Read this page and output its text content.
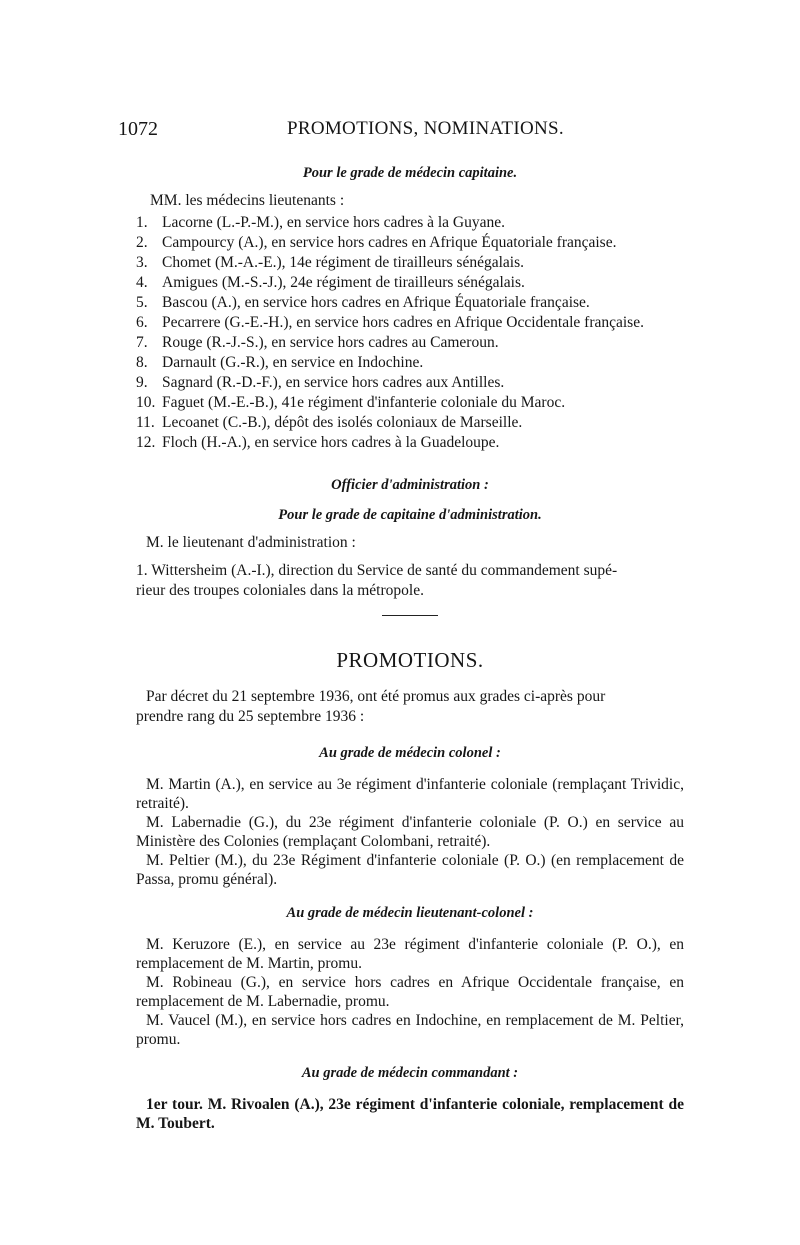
1072	PROMOTIONS, NOMINATIONS.

Pour le grade de médecin capitaine.

MM. les médecins lieutenants :

1. Lacorne (L.-P.-M.), en service hors cadres à la Guyane.
2. Campourcy (A.), en service hors cadres en Afrique Équatoriale française.
3. Chomet (M.-A.-E.), 14e régiment de tirailleurs sénégalais.
4. Amigues (M.-S.-J.), 24e régiment de tirailleurs sénégalais.
5. Bascou (A.), en service hors cadres en Afrique Équatoriale française.
6. Pecarrere (G.-E.-H.), en service hors cadres en Afrique Occidentale française.
7. Rouge (R.-J.-S.), en service hors cadres au Cameroun.
8. Darnault (G.-R.), en service en Indochine.
9. Sagnard (R.-D.-F.), en service hors cadres aux Antilles.
10. Faguet (M.-E.-B.), 41e régiment d'infanterie coloniale du Maroc.
11. Lecoanet (C.-B.), dépôt des isolés coloniaux de Marseille.
12. Floch (H.-A.), en service hors cadres à la Guadeloupe.

Officier d'administration :

Pour le grade de capitaine d'administration.

M. le lieutenant d'administration :

1. Wittersheim (A.-I.), direction du Service de santé du commandement supé-

rieur des troupes coloniales dans la métropole.

PROMOTIONS.

Par décret du 21 septembre 1936, ont été promus aux grades ci-après pour

prendre rang du 25 septembre 1936 :

Au grade de médecin colonel :

M. Martin (A.), en service au 3e régiment d'infanterie coloniale (remplaçant Trividic, retraité).

M. Labernadie (G.), du 23e régiment d'infanterie coloniale (P. O.) en service au Ministère des Colonies (remplaçant Colombani, retraité).

M. Peltier (M.), du 23e Régiment d'infanterie coloniale (P. O.) (en remplacement de Passa, promu général).

Au grade de médecin lieutenant-colonel :

M. Keruzore (E.), en service au 23e régiment d'infanterie coloniale (P. O.), en remplacement de M. Martin, promu.

M. Robineau (G.), en service hors cadres en Afrique Occidentale française, en remplacement de M. Labernadie, promu.

M. Vaucel (M.), en service hors cadres en Indochine, en remplacement de M. Peltier, promu.

Au grade de médecin commandant :

1er tour. M. Rivoalen (A.), 23e régiment d'infanterie coloniale, remplacement de M. Toubert.
